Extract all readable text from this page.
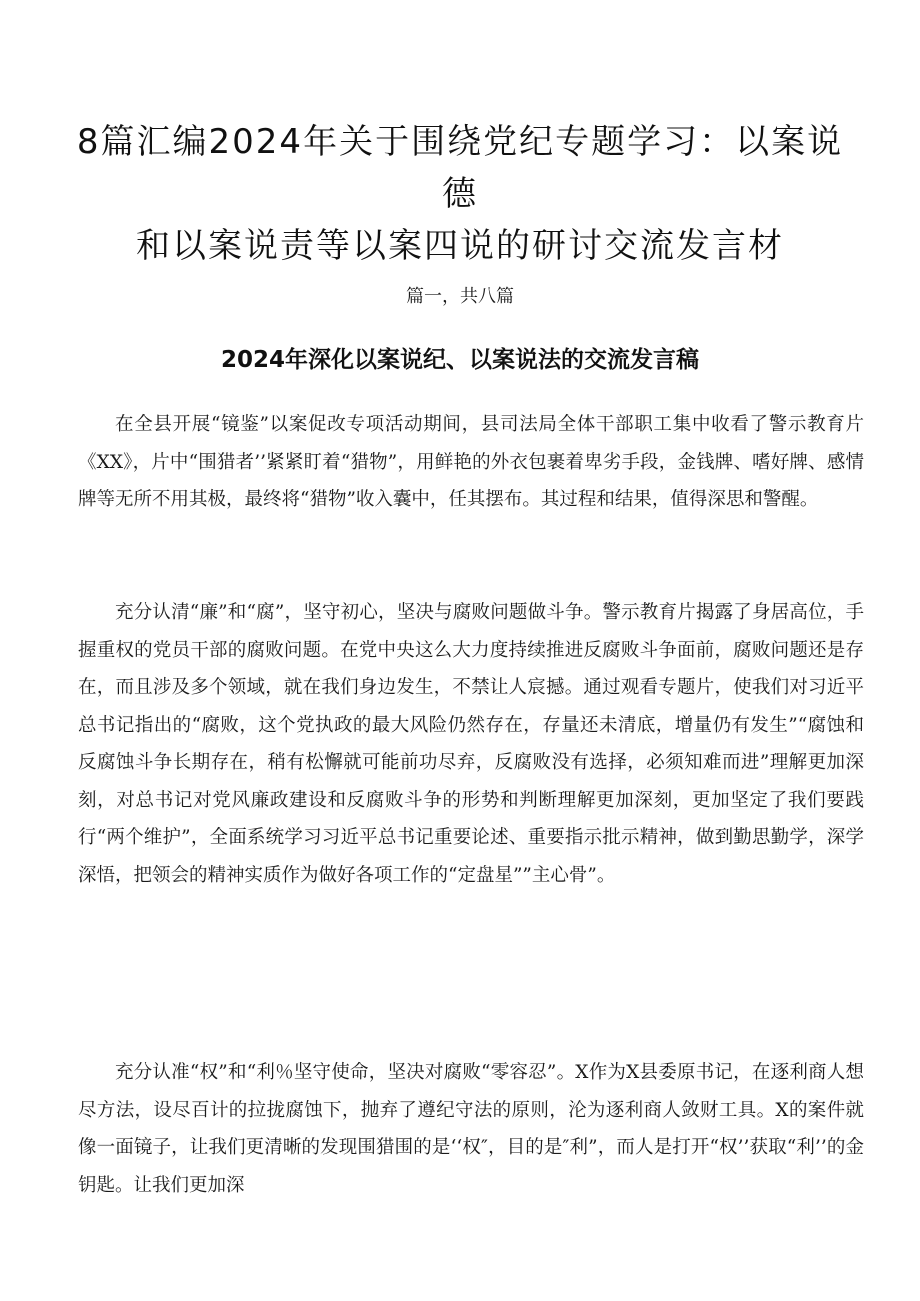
8篇汇编2024年关于围绕党纪专题学习：以案说德
和以案说责等以案四说的研讨交流发言材

篇一，共八篇

2024年深化以案说纪、以案说法的交流发言稿

在全县开展“镜鉴”以案促改专项活动期间，县司法局全体干部职工集中收看了警示教育片《XX》，片中“围猎者’’紧紧盯着“猎物”，用鲜艳的外衣包裹着卑劣手段，金钱牌、嗜好牌、感情牌等无所不用其极，最终将“猎物”收入囊中，任其摆布。其过程和结果，值得深思和警醒。

充分认清“廉”和“腐”，坚守初心，坚决与腐败问题做斗争。警示教育片揭露了身居高位，手握重权的党员干部的腐败问题。在党中央这么大力度持续推进反腐败斗争面前，腐败问题还是存在，而且涉及多个领域，就在我们身边发生，不禁让人宸撼。通过观看专题片，使我们对习近平总书记指出的“腐败，这个党执政的最大风险仍然存在，存量还未清底，增量仍有发生”“腐蚀和反腐蚀斗争长期存在，稍有松懈就可能前功尽弃，反腐败没有选择，必须知难而进”理解更加深刻，对总书记对党风廉政建设和反腐败斗争的形势和判断理解更加深刻，更加坚定了我们要践行“两个维护”，全面系统学习习近平总书记重要论述、重要指示批示精神，做到勤思勤学，深学深悟，把领会的精神实质作为做好各项工作的“定盘星””主心骨”。

充分认准“权”和“利％坚守使命，坚决对腐败“零容忍”。X作为X县委原书记，在逐利商人想尽方法，设尽百计的拉拢腐蚀下，抛弃了遵纪守法的原则，沦为逐利商人敛财工具。X的案件就像一面镜子，让我们更清晰的发现围猎围的是‘‘权″，目的是″利”，而人是打开“权’’获取“利’’的金钥匙。让我们更加深
